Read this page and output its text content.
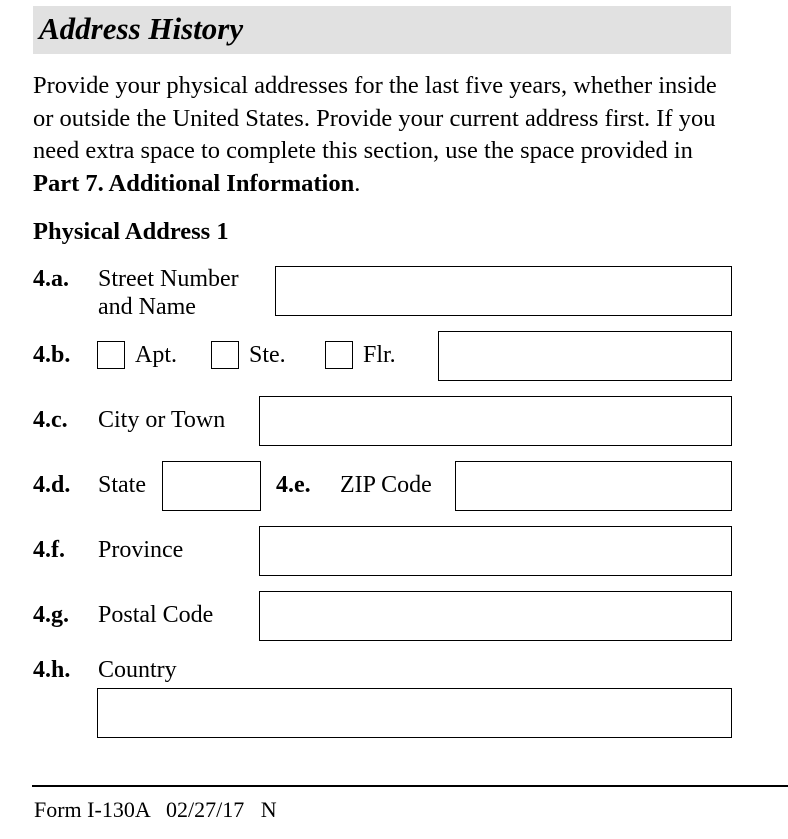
Address History

Provide your physical addresses for the last five years, whether inside or outside the United States. Provide your current address first. If you need extra space to complete this section, use the space provided in Part 7. Additional Information.

Physical Address 1
4.a. Street Number
and Name
4.b.	Apt.	Ste.	Flr.
4.c. City or Town
4.d. State	4.e. ZIP Code
4.f. Province
4.g. Postal Code
4.h. Country
Form I-130A 02/27/17 N
